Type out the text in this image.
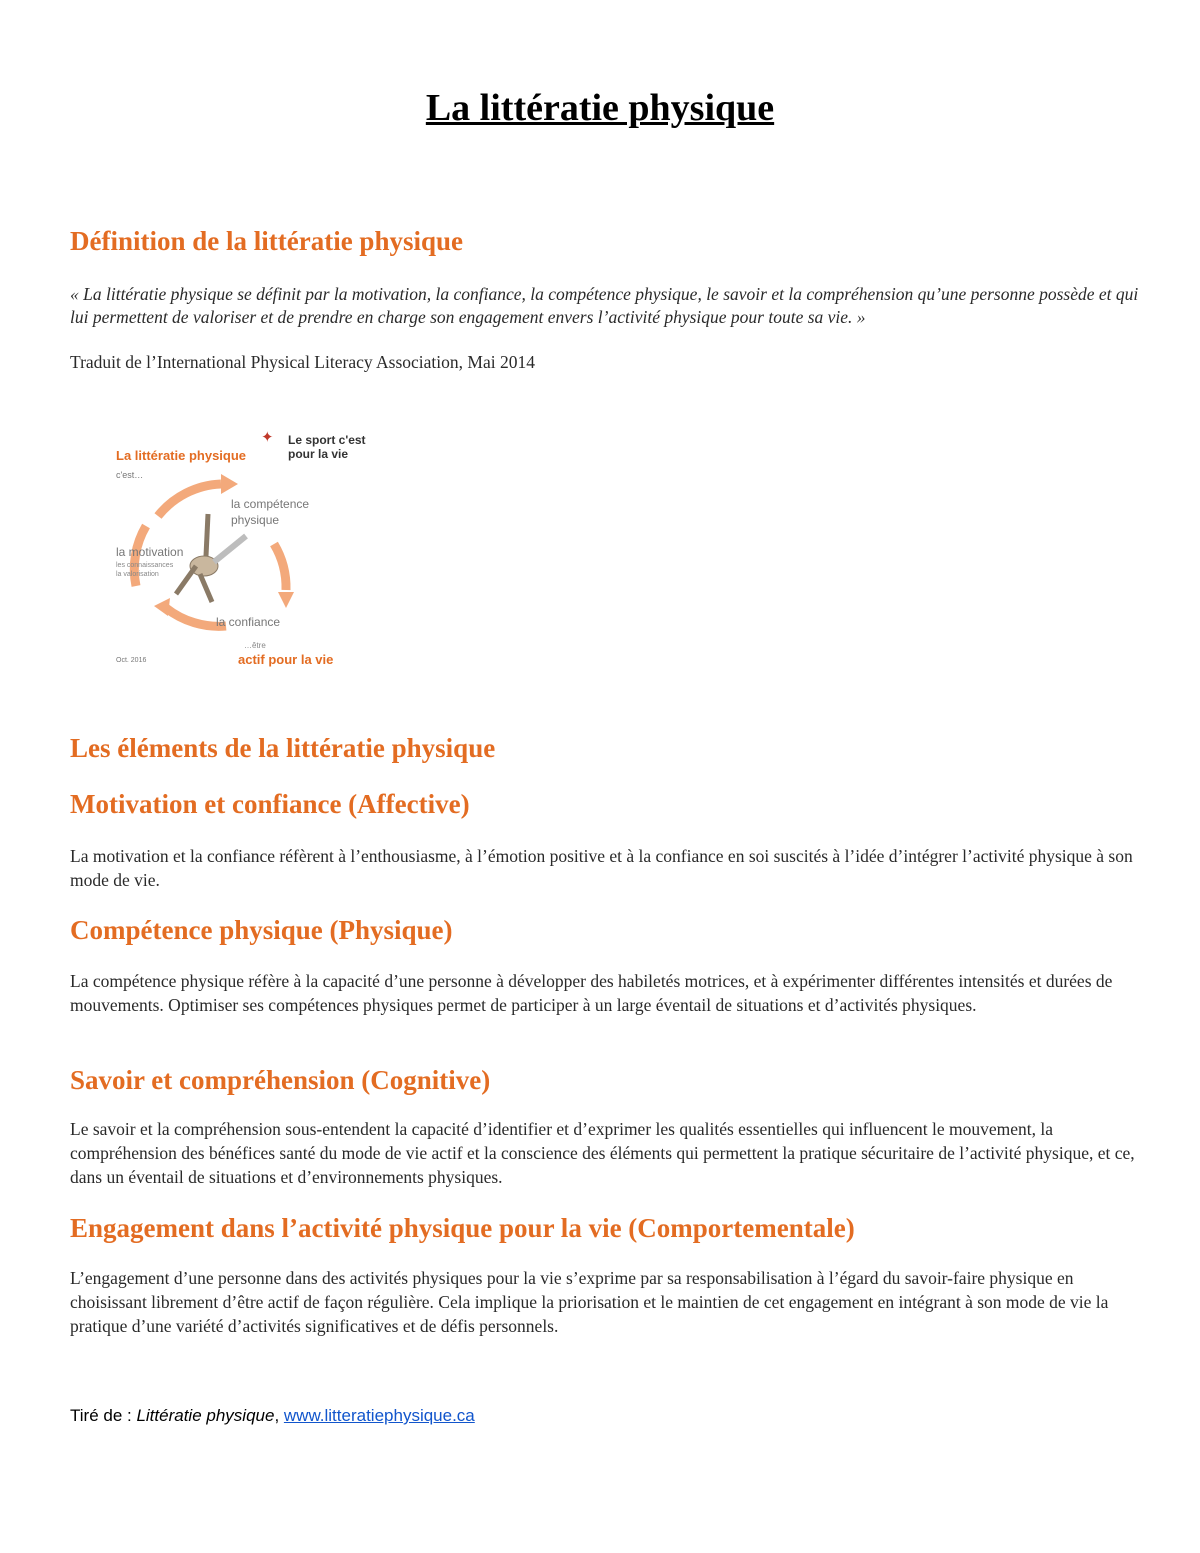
La littératie physique
Définition de la littératie physique

« La littératie physique se définit par la motivation, la confiance, la compétence physique, le savoir et la compréhension qu’une personne possède et qui lui permettent de valoriser et de prendre en charge son engagement envers l’activité physique pour toute sa vie. »

Traduit de l’International Physical Literacy Association, Mai 2014

La littératie physique
c'est…
✦ Le sport c'est
pour la vie
la compétence
physique
la motivation
les connaissances
la valorisation
la confiance
…être
actif pour la vie
Oct. 2016
Les éléments de la littératie physique
Motivation et confiance (Affective)

La motivation et la confiance réfèrent à l’enthousiasme, à l’émotion positive et à la confiance en soi suscités à l’idée d’intégrer l’activité physique à son mode de vie.

Compétence physique (Physique)

La compétence physique réfère à la capacité d’une personne à développer des habiletés motrices, et à expérimenter différentes intensités et durées de mouvements. Optimiser ses compétences physiques permet de participer à un large éventail de situations et d’activités physiques.

Savoir et compréhension (Cognitive)

Le savoir et la compréhension sous-entendent la capacité d’identifier et d’exprimer les qualités essentielles qui influencent le mouvement, la compréhension des bénéfices santé du mode de vie actif et la conscience des éléments qui permettent la pratique sécuritaire de l’activité physique, et ce, dans un éventail de situations et d’environnements physiques.

Engagement dans l’activité physique pour la vie (Comportementale)

L’engagement d’une personne dans des activités physiques pour la vie s’exprime par sa responsabilisation à l’égard du savoir-faire physique en choisissant librement d’être actif de façon régulière. Cela implique la priorisation et le maintien de cet engagement en intégrant à son mode de vie la pratique d’une variété d’activités significatives et de défis personnels.

Tiré de : Littératie physique, www.litteratiephysique.ca
